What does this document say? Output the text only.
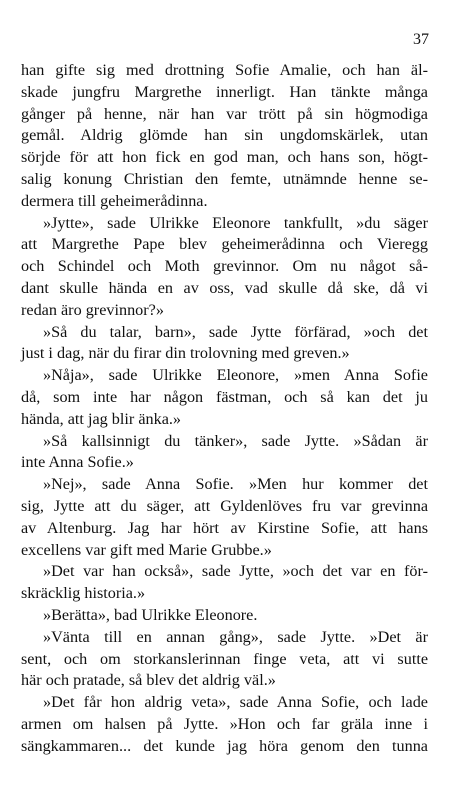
37
han gifte sig med drottning Sofie Amalie, och han äl-
skade jungfru Margrethe innerligt. Han tänkte många
gånger på henne, när han var trött på sin högmodiga
gemål. Aldrig glömde han sin ungdomskärlek, utan
sörjde för att hon fick en god man, och hans son, högt-
salig konung Christian den femte, utnämnde henne se-
dermera till geheimerådinna.
»Jytte», sade Ulrikke Eleonore tankfullt, »du säger
att Margrethe Pape blev geheimerådinna och Vieregg
och Schindel och Moth grevinnor. Om nu något så-
dant skulle hända en av oss, vad skulle då ske, då vi
redan äro grevinnor?»
»Så du talar, barn», sade Jytte förfärad, »och det
just i dag, när du firar din trolovning med greven.»
»Nåja», sade Ulrikke Eleonore, »men Anna Sofie
då, som inte har någon fästman, och så kan det ju
hända, att jag blir änka.»
»Så kallsinnigt du tänker», sade Jytte. »Sådan är
inte Anna Sofie.»
»Nej», sade Anna Sofie. »Men hur kommer det
sig, Jytte att du säger, att Gyldenlöves fru var grevinna
av Altenburg. Jag har hört av Kirstine Sofie, att hans
excellens var gift med Marie Grubbe.»
»Det var han också», sade Jytte, »och det var en för-
skräcklig historia.»
»Berätta», bad Ulrikke Eleonore.
»Vänta till en annan gång», sade Jytte. »Det är
sent, och om storkanslerinnan finge veta, att vi sutte
här och pratade, så blev det aldrig väl.»
»Det får hon aldrig veta», sade Anna Sofie, och lade
armen om halsen på Jytte. »Hon och far gräla inne i
sängkammaren... det kunde jag höra genom den tunna
